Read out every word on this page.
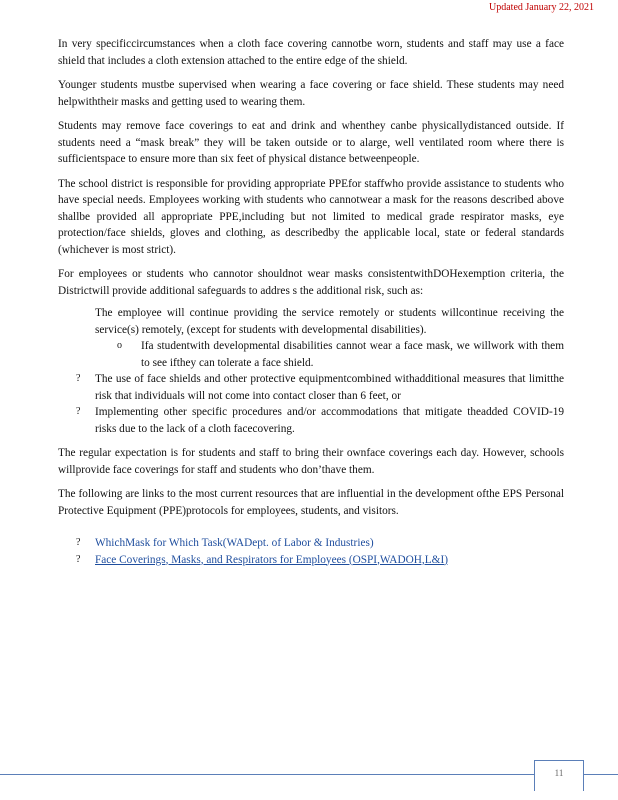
Updated January 22, 2021

In very specificcircumstances when a cloth face covering cannotbe worn, students and staff may use a face shield that includes a cloth extension attached to the entire edge of the shield.

Younger students mustbe supervised when wearing a face covering or face shield. These students may need helpwiththeir masks and getting used to wearing them.

Students may remove face coverings to eat and drink and whenthey canbe physicallydistanced outside. If students need a “mask break” they will be taken outside or to alarge, well ventilated room where there is sufficientspace to ensure more than six feet of physical distance betweenpeople.

The school district is responsible for providing appropriate PPEfor staffwho provide assistance to students who have special needs. Employees working with students who cannotwear a mask for the reasons described above shallbe provided all appropriate PPE,including but not limited to medical grade respirator masks, eye protection/face shields, gloves and clothing, as describedby the applicable local, state or federal standards (whichever is most strict).

For employees or students who cannotor shouldnot wear masks consistentwithDOHexemption criteria, the Districtwill provide additional safeguards to addres s the additional risk, such as:

The employee will continue providing the service remotely or students willcontinue receiving the service(s) remotely, (except for students with developmental disabilities).
o Ifa studentwith developmental disabilities cannot wear a face mask, we willwork with them to see ifthey can tolerate a face shield.
? The use of face shields and other protective equipmentcombined withadditional measures that limitthe risk that individuals will not come into contact closer than 6 feet, or
? Implementing other specific procedures and/or accommodations that mitigate theadded COVID-19 risks due to the lack of a cloth facecovering.

The regular expectation is for students and staff to bring their ownface coverings each day. However, schools willprovide face coverings for staff and students who don’thave them.

The following are links to the most current resources that are influential in the development ofthe EPS Personal Protective Equipment (PPE)protocols for employees, students, and visitors.

? WhichMask for Which Task(WADept. of Labor & Industries)
? Face Coverings, Masks, and Respirators for Employees (OSPI,WADOH,L&I)
11
